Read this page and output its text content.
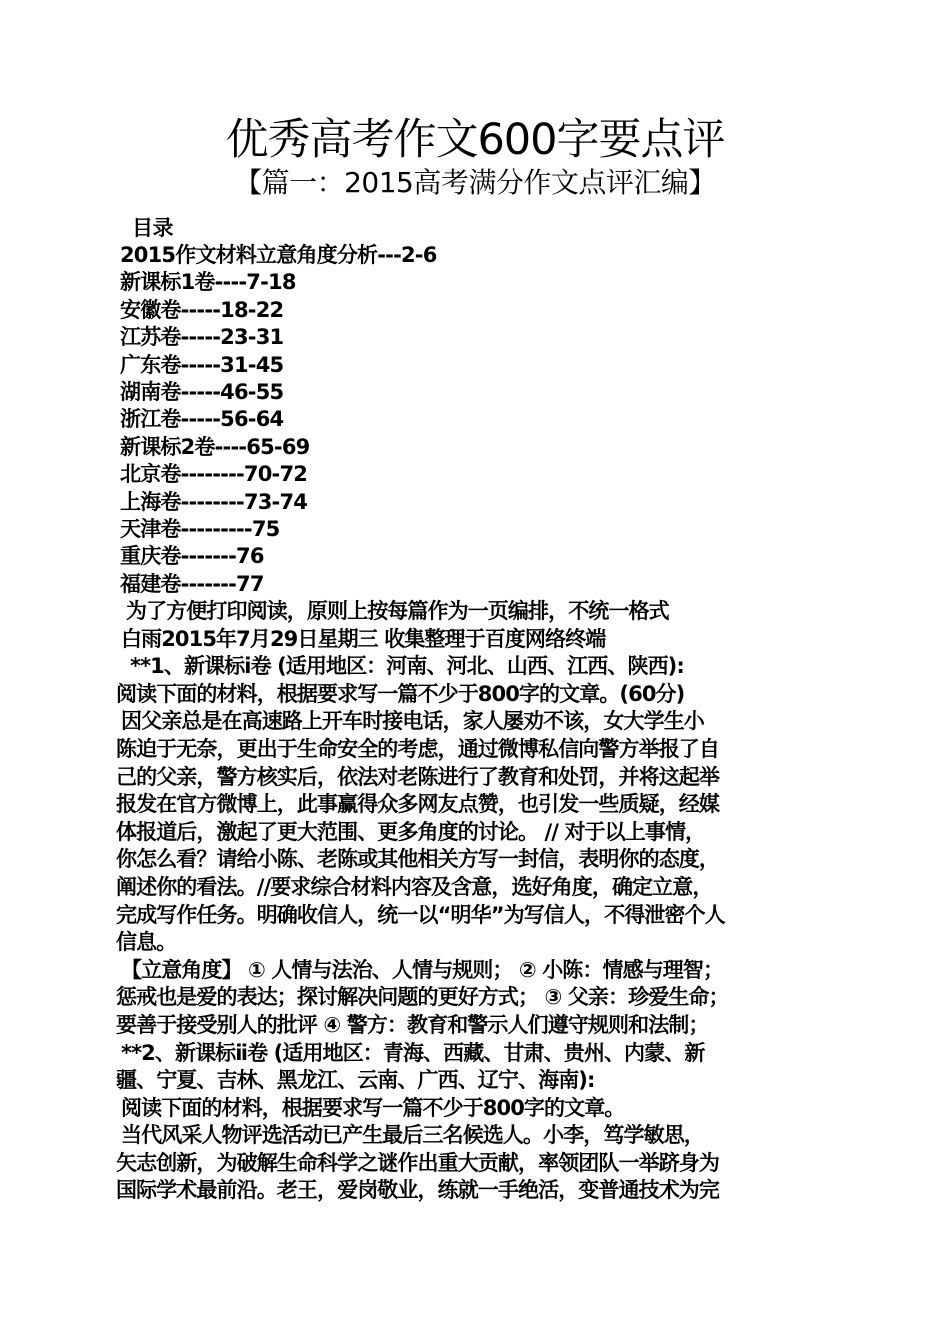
优秀高考作文600字要点评
【篇一：2015高考满分作文点评汇编】
目录
2015作文材料立意角度分析---2-6
新课标1卷----7-18
安徽卷-----18-22
江苏卷-----23-31
广东卷-----31-45
湖南卷-----46-55
浙江卷-----56-64
新课标2卷----65-69
北京卷--------70-72
上海卷--------73-74
天津卷---------75
重庆卷-------76
福建卷-------77
为了方便打印阅读，原则上按每篇作为一页编排，不统一格式
白雨2015年7月29日星期三 收集整理于百度网络终端
**1、新课标ⅰ卷 (适用地区：河南、河北、山西、江西、陕西):
阅读下面的材料，根据要求写一篇不少于800字的文章。(60分)
因父亲总是在高速路上开车时接电话，家人屡劝不该，女大学生小
陈迫于无奈，更出于生命安全的考虑，通过微博私信向警方举报了自
己的父亲，警方核实后，依法对老陈进行了教育和处罚，并将这起举
报发在官方微博上，此事赢得众多网友点赞，也引发一些质疑，经媒
体报道后，激起了更大范围、更多角度的讨论。 // 对于以上事情，
你怎么看？请给小陈、老陈或其他相关方写一封信，表明你的态度，
阐述你的看法。//要求综合材料内容及含意，选好角度，确定立意，
完成写作任务。明确收信人，统一以“明华”为写信人，不得泄密个人
信息。
【立意角度】 ① 人情与法治、人情与规则； ② 小陈：情感与理智；
惩戒也是爱的表达；探讨解决问题的更好方式； ③ 父亲：珍爱生命；
要善于接受别人的批评 ④ 警方：教育和警示人们遵守规则和法制；
**2、新课标ⅱ卷 (适用地区：青海、西藏、甘肃、贵州、内蒙、新
疆、宁夏、吉林、黑龙江、云南、广西、辽宁、海南):
阅读下面的材料，根据要求写一篇不少于800字的文章。
当代风采人物评选活动已产生最后三名候选人。小李，笃学敏思，
矢志创新，为破解生命科学之谜作出重大贡献，率领团队一举跻身为
国际学术最前沿。老王，爱岗敬业，练就一手绝活，变普通技术为完
